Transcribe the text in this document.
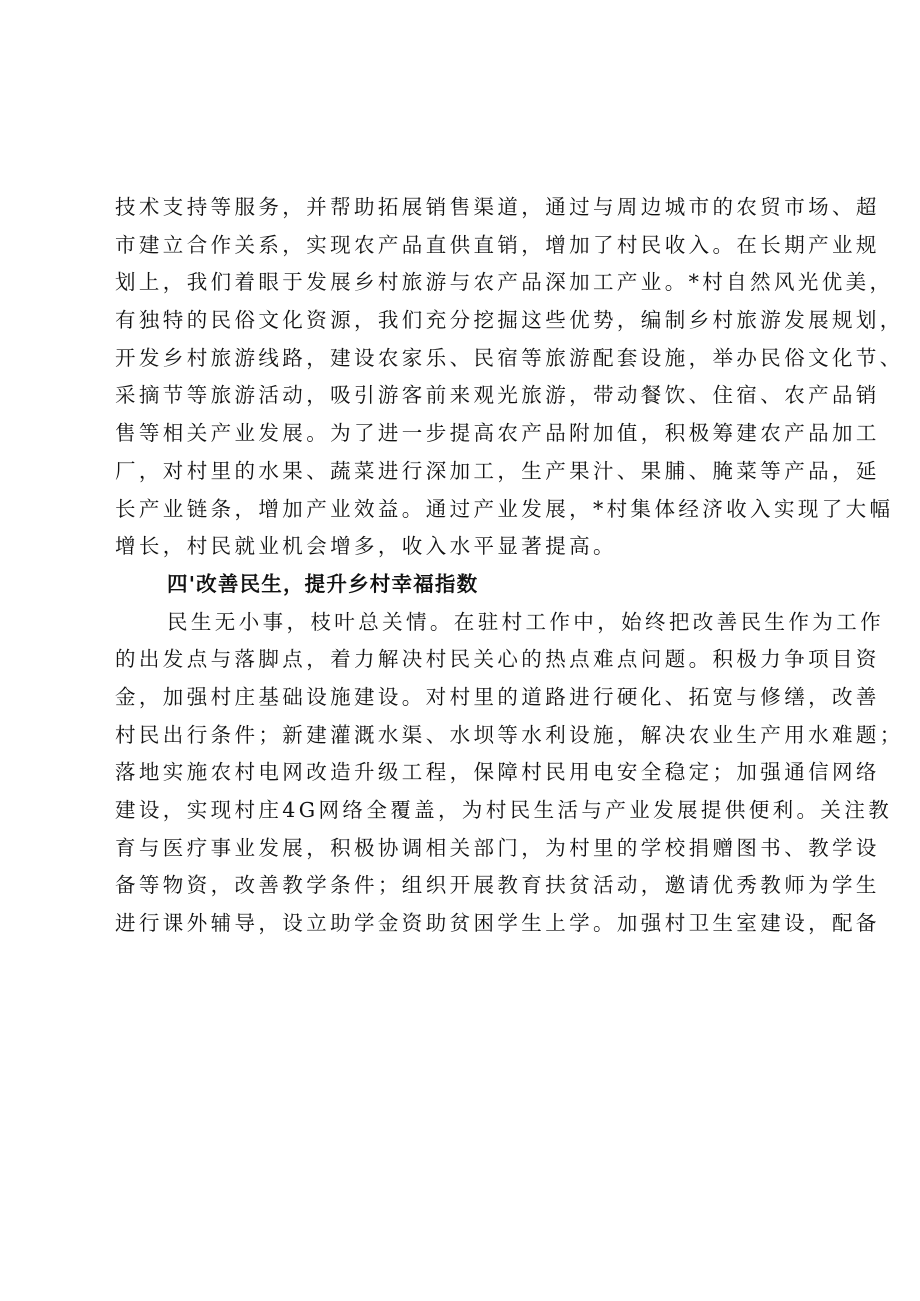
技术支持等服务，并帮助拓展销售渠道，通过与周边城市的农贸市场、超
市建立合作关系，实现农产品直供直销，增加了村民收入。在长期产业规
划上，我们着眼于发展乡村旅游与农产品深加工产业。*村自然风光优美，
有独特的民俗文化资源，我们充分挖掘这些优势，编制乡村旅游发展规划，
开发乡村旅游线路，建设农家乐、民宿等旅游配套设施，举办民俗文化节、
采摘节等旅游活动，吸引游客前来观光旅游，带动餐饮、住宿、农产品销
售等相关产业发展。为了进一步提高农产品附加值，积极筹建农产品加工
厂，对村里的水果、蔬菜进行深加工，生产果汁、果脯、腌菜等产品，延
长产业链条，增加产业效益。通过产业发展，*村集体经济收入实现了大幅
增长，村民就业机会增多，收入水平显著提高。
四'改善民生，提升乡村幸福指数
民生无小事，枝叶总关情。在驻村工作中，始终把改善民生作为工作
的出发点与落脚点，着力解决村民关心的热点难点问题。积极力争项目资
金，加强村庄基础设施建设。对村里的道路进行硬化、拓宽与修缮，改善
村民出行条件；新建灌溉水渠、水坝等水利设施，解决农业生产用水难题；
落地实施农村电网改造升级工程，保障村民用电安全稳定；加强通信网络
建设，实现村庄4G网络全覆盖，为村民生活与产业发展提供便利。关注教
育与医疗事业发展，积极协调相关部门，为村里的学校捐赠图书、教学设
备等物资，改善教学条件；组织开展教育扶贫活动，邀请优秀教师为学生
进行课外辅导，设立助学金资助贫困学生上学。加强村卫生室建设，配备
